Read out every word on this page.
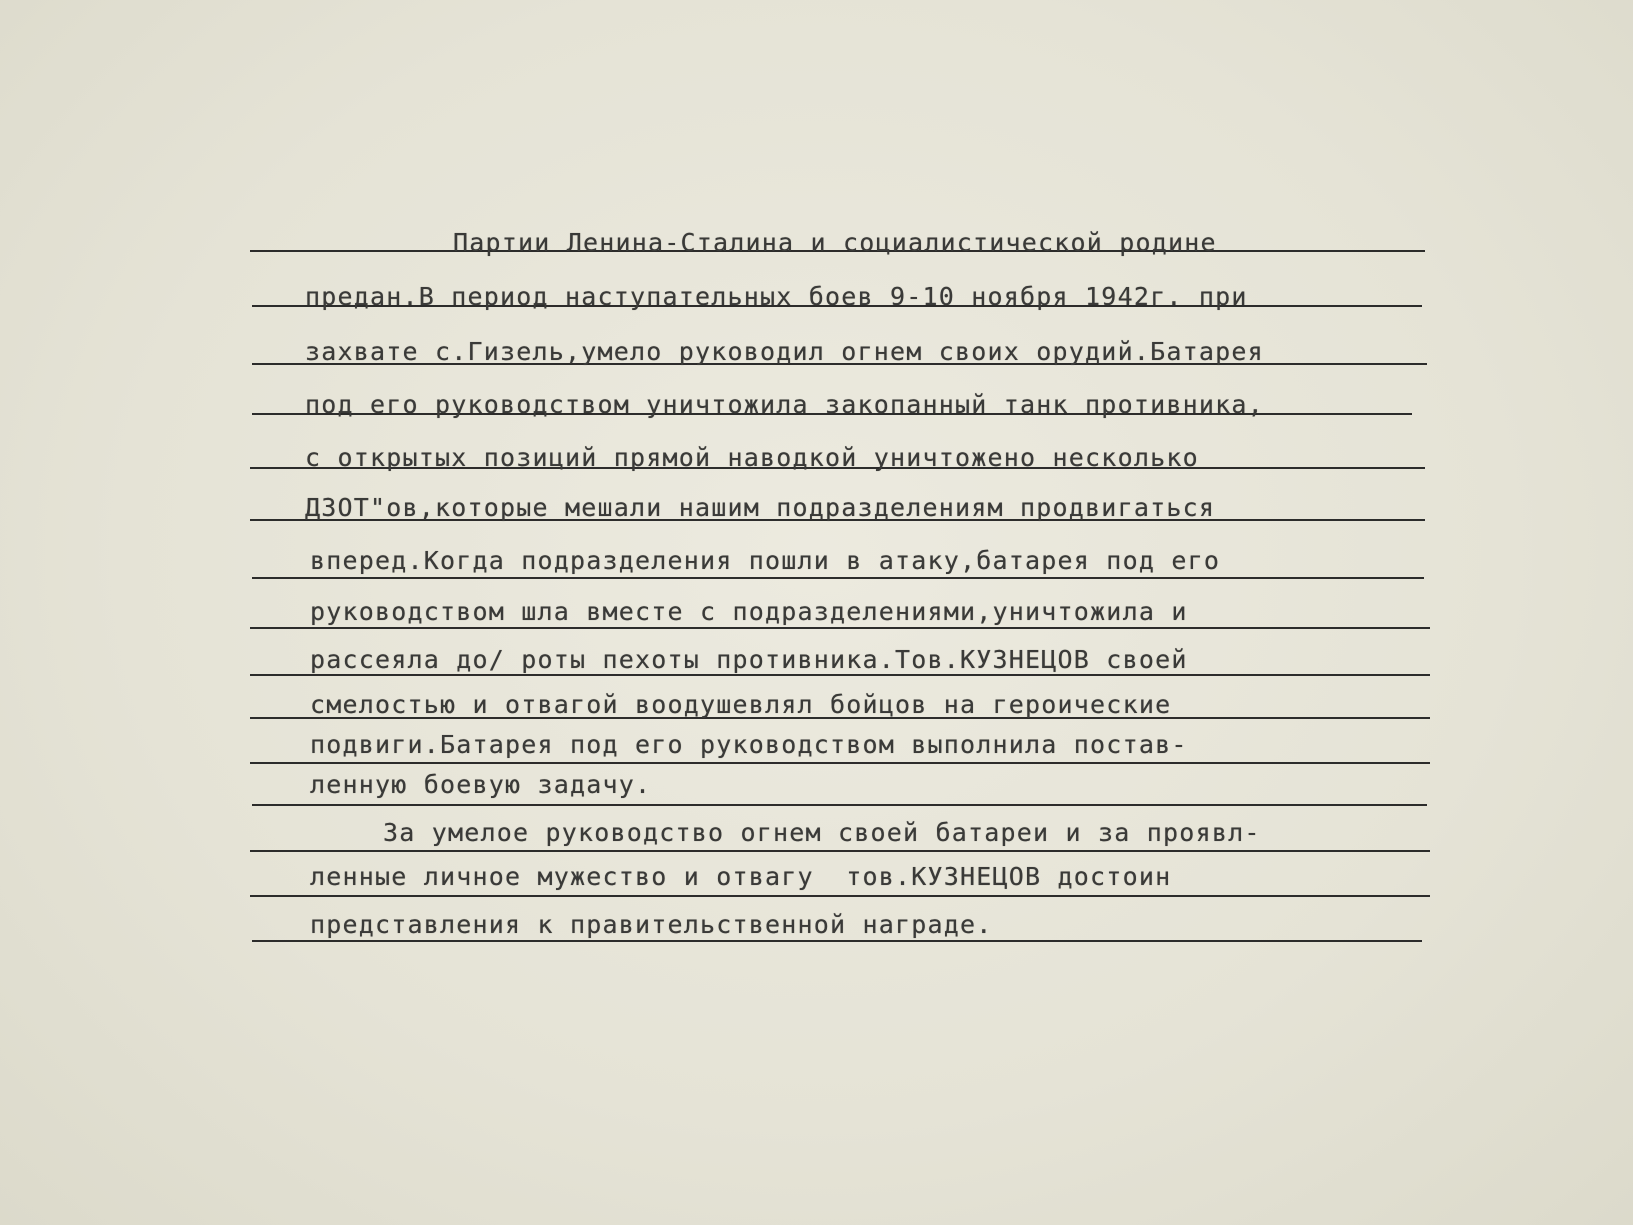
Партии Ленина-Сталина и социалистической родине
предан.В период наступательных боев 9-10 ноября 1942г. при
захвате с.Гизель,умело руководил огнем своих орудий.Батарея
под его руководством уничтожила закопанный танк противника,
с открытых позиций прямой наводкой уничтожено несколько
ДЗОТ"ов,которые мешали нашим подразделениям продвигаться
вперед.Когда подразделения пошли в атаку,батарея под его
руководством шла вместе с подразделениями,уничтожила и
рассеяла до/ роты пехоты противника.Тов.КУЗНЕЦОВ своей
смелостью и отвагой воодушевлял бойцов на героические
подвиги.Батарея под его руководством выполнила постав-
ленную боевую задачу.
За умелое руководство огнем своей батареи и за проявл-
ленные личное мужество и отвагу  тов.КУЗНЕЦОВ достоин
представления к правительственной награде.
